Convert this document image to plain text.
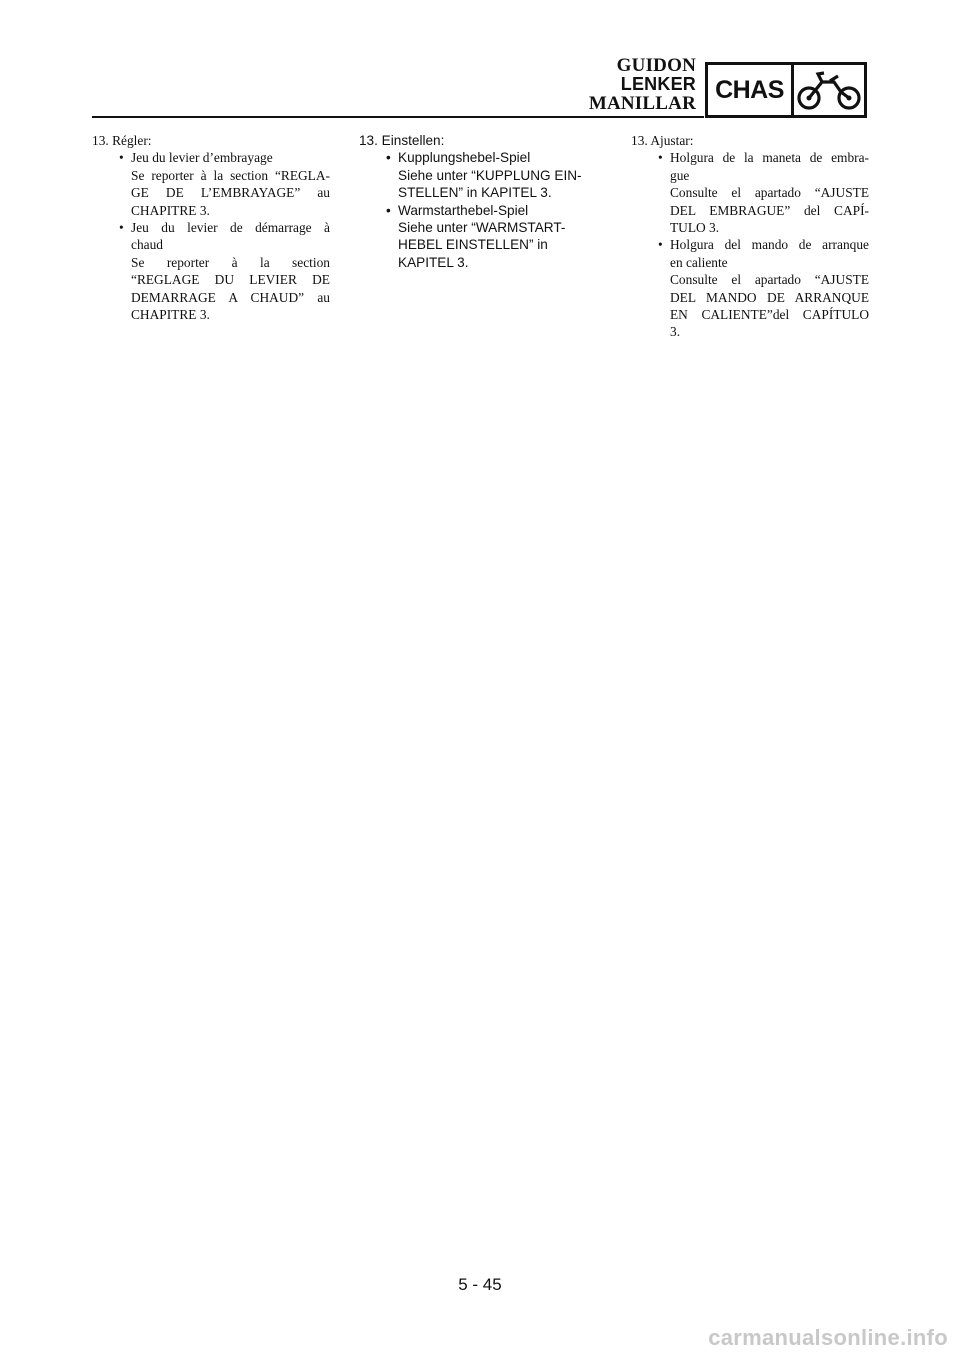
GUIDON
LENKER
MANILLAR CHAS
13. Régler:
• Jeu du levier d’embrayage
Se reporter à la section “REGLA-
GE DE L’EMBRAYAGE” au
CHAPITRE 3.
• Jeu du levier de démarrage à
chaud
Se reporter à la section
“REGLAGE DU LEVIER DE
DEMARRAGE A CHAUD” au
CHAPITRE 3.
13. Einstellen:
• Kupplungshebel-Spiel
Siehe unter “KUPPLUNG EIN-
STELLEN” in KAPITEL 3.
• Warmstarthebel-Spiel
Siehe unter “WARMSTART-
HEBEL EINSTELLEN” in
KAPITEL 3.
13. Ajustar:
• Holgura de la maneta de embra-
gue
Consulte el apartado “AJUSTE
DEL EMBRAGUE” del CAPÍ-
TULO 3.
• Holgura del mando de arranque
en caliente
Consulte el apartado “AJUSTE
DEL MANDO DE ARRANQUE
EN CALIENTE”del CAPÍTULO
3.
5 - 45
carmanualsonline.info
